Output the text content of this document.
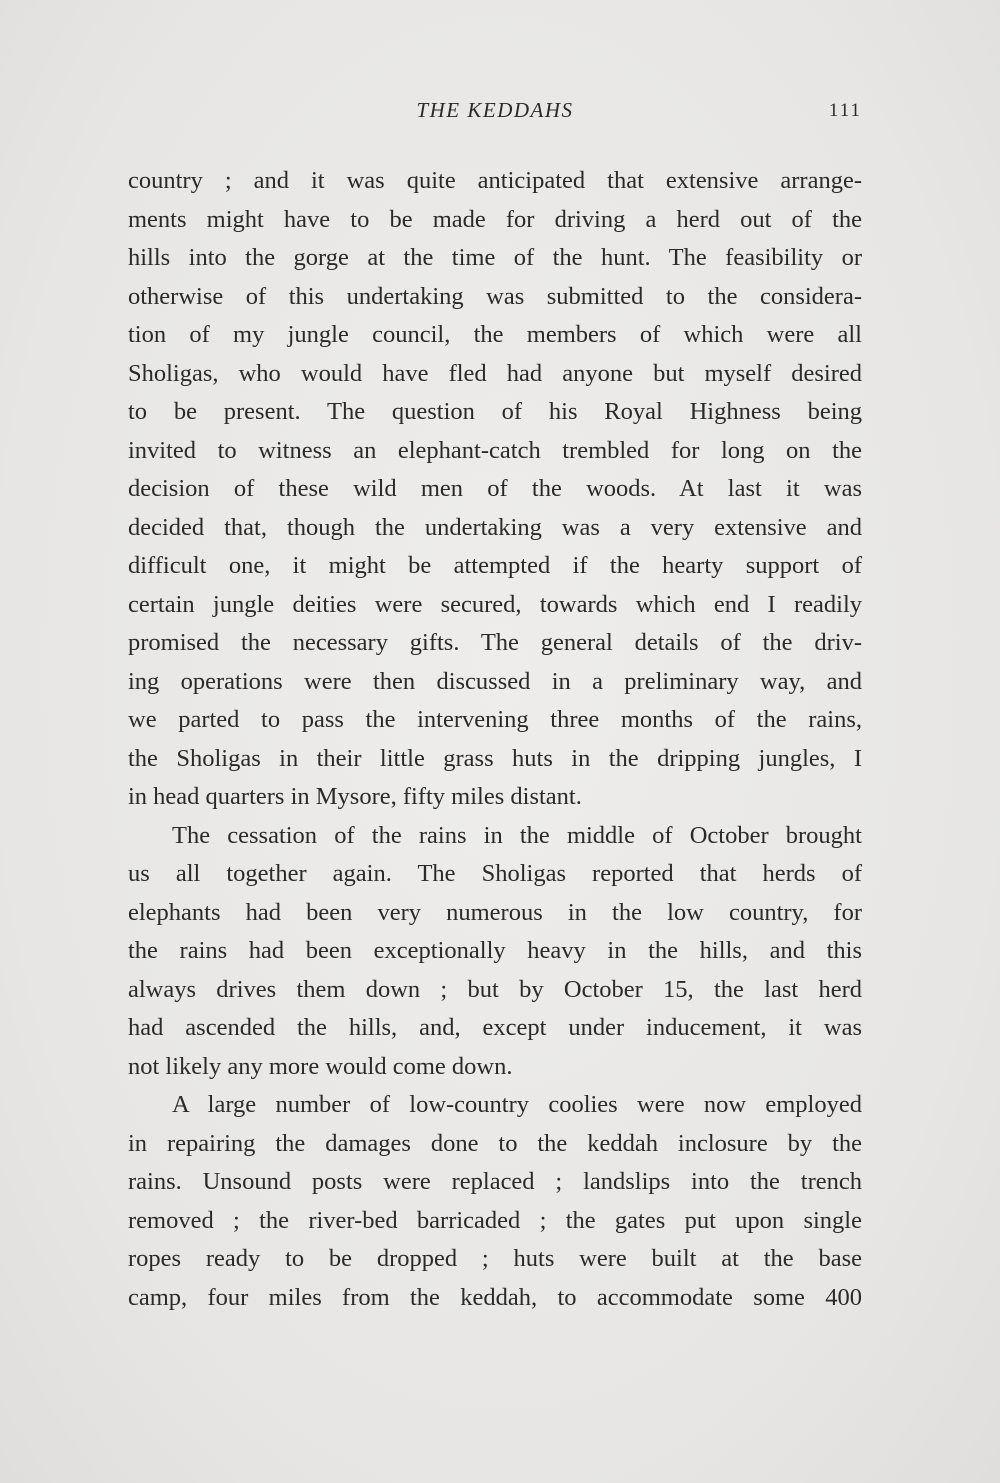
THE KEDDAHS	111
country ; and it was quite anticipated that extensive arrange-
ments might have to be made for driving a herd out of the
hills into the gorge at the time of the hunt. The feasibility or
otherwise of this undertaking was submitted to the considera-
tion of my jungle council, the members of which were all
Sholigas, who would have fled had anyone but myself desired
to be present. The question of his Royal Highness being
invited to witness an elephant-catch trembled for long on the
decision of these wild men of the woods. At last it was
decided that, though the undertaking was a very extensive and
difficult one, it might be attempted if the hearty support of
certain jungle deities were secured, towards which end I readily
promised the necessary gifts. The general details of the driv-
ing operations were then discussed in a preliminary way, and
we parted to pass the intervening three months of the rains,
the Sholigas in their little grass huts in the dripping jungles, I
in head quarters in Mysore, fifty miles distant.
The cessation of the rains in the middle of October brought
us all together again. The Sholigas reported that herds of
elephants had been very numerous in the low country, for
the rains had been exceptionally heavy in the hills, and this
always drives them down ; but by October 15, the last herd
had ascended the hills, and, except under inducement, it was
not likely any more would come down.
A large number of low-country coolies were now employed
in repairing the damages done to the keddah inclosure by the
rains. Unsound posts were replaced ; landslips into the trench
removed ; the river-bed barricaded ; the gates put upon single
ropes ready to be dropped ; huts were built at the base
camp, four miles from the keddah, to accommodate some 400
